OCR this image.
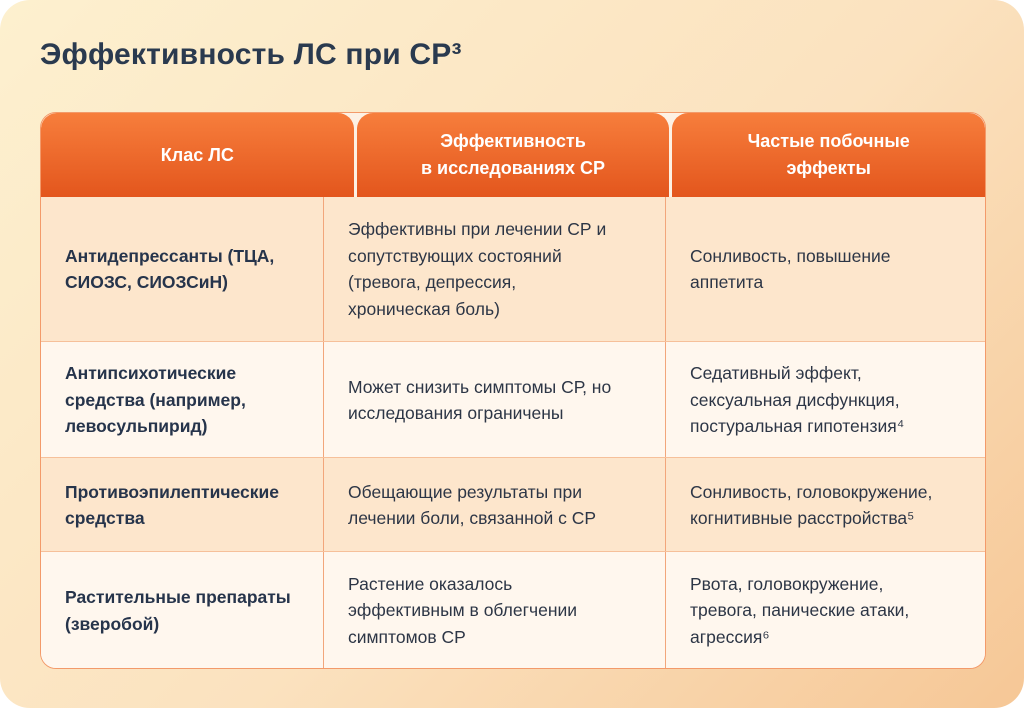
Эффективность ЛС при СР³
Клас ЛС
Эффективность
в исследованиях СР
Частые побочные
эффекты
Антидепрессанты (ТЦА,
СИОЗС, СИОЗСиН)
Эффективны при лечении СР и
сопутствующих состояний
(тревога, депрессия,
хроническая боль)
Сонливость, повышение
аппетита
Антипсихотические
средства (например,
левосульпирид)
Может снизить симптомы СР, но
исследования ограничены
Седативный эффект,
сексуальная дисфункция,
постуральная гипотензия⁴
Противоэпилептические
средства
Обещающие результаты при
лечении боли, связанной с СР
Сонливость, головокружение,
когнитивные расстройства⁵
Растительные препараты
(зверобой)
Растение оказалось
эффективным в облегчении
симптомов СР
Рвота, головокружение,
тревога, панические атаки,
агрессия⁶
